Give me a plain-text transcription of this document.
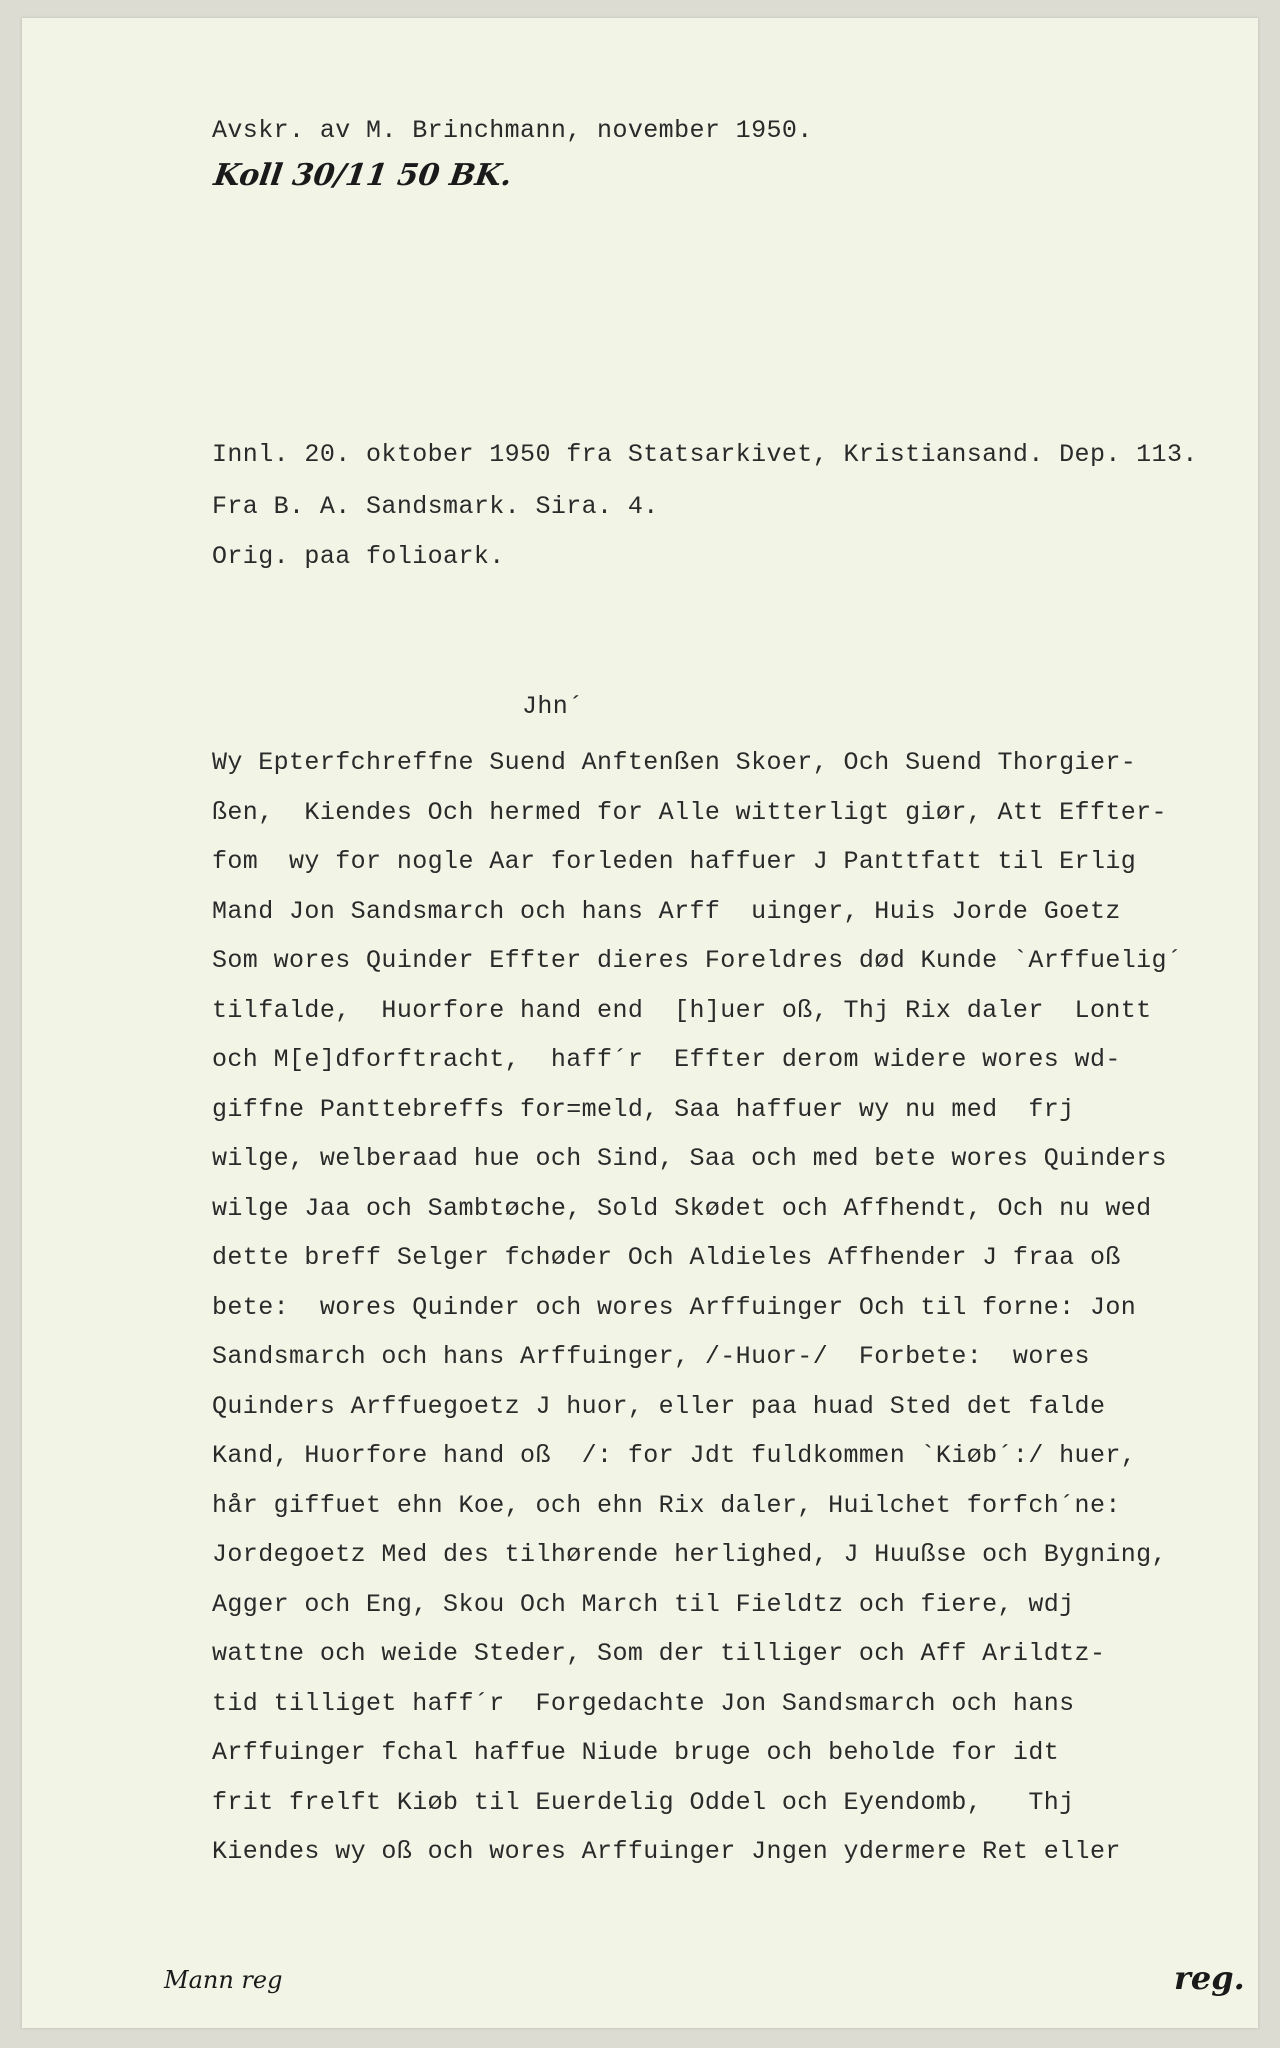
Avskr. av M. Brinchmann, november 1950.
Koll 30/11 50 BK.
Innl. 20. oktober 1950 fra Statsarkivet, Kristiansand. Dep. 113.
Fra B. A. Sandsmark. Sira. 4.
Orig. paa folioark.
Jhn´
Wy Epterfchreffne Suend Anftenßen Skoer, Och Suend Thorgier-
ßen,  Kiendes Och hermed for Alle witterligt giør, Att Effter-
fom  wy for nogle Aar forleden haffuer J Panttfatt til Erlig
Mand Jon Sandsmarch och hans Arff  uinger, Huis Jorde Goetz
Som wores Quinder Effter dieres Foreldres død Kunde `Arffuelig´
tilfalde,  Huorfore hand end  [h]uer oß, Thj Rix daler  Lontt
och M[e]dforftracht,  haff´r  Effter derom widere wores wd-
giffne Panttebreffs for=meld, Saa haffuer wy nu med  frj
wilge, welberaad hue och Sind, Saa och med bete wores Quinders
wilge Jaa och Sambtøche, Sold Skødet och Affhendt, Och nu wed
dette breff Selger fchøder Och Aldieles Affhender J fraa oß
bete:  wores Quinder och wores Arffuinger Och til forne: Jon
Sandsmarch och hans Arffuinger, /-Huor-/  Forbete:  wores
Quinders Arffuegoetz J huor, eller paa huad Sted det falde
Kand, Huorfore hand oß  /: for Jdt fuldkommen `Kiøb´:/ huer,
hår giffuet ehn Koe, och ehn Rix daler, Huilchet forfch´ne:
Jordegoetz Med des tilhørende herlighed, J Huußse och Bygning,
Agger och Eng, Skou Och March til Fieldtz och fiere, wdj
wattne och weide Steder, Som der tilliger och Aff Arildtz-
tid tilliget haff´r  Forgedachte Jon Sandsmarch och hans
Arffuinger fchal haffue Niude bruge och beholde for idt
frit frelft Kiøb til Euerdelig Oddel och Eyendomb,   Thj
Kiendes wy oß och wores Arffuinger Jngen ydermere Ret eller
Mann reg	reg.
